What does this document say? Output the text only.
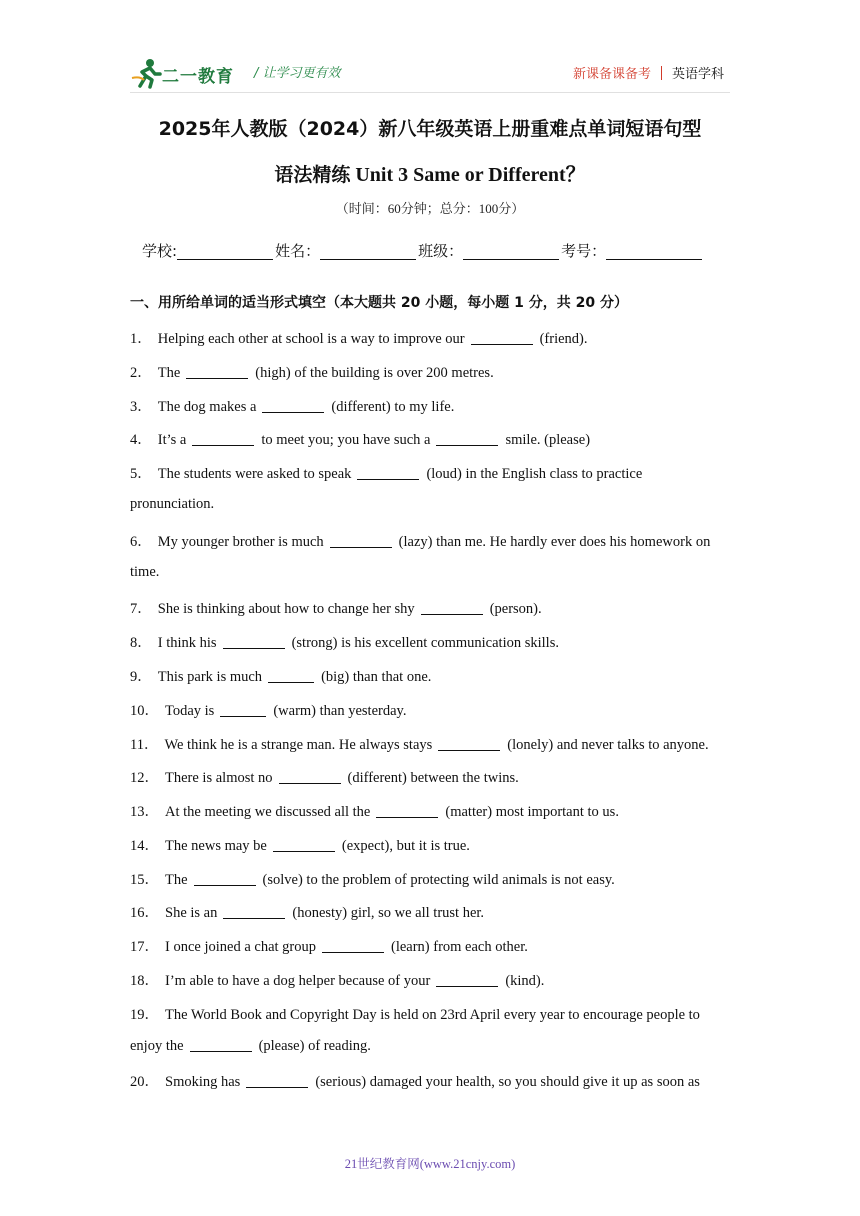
二一教育 / 让学习更有效	新课备课备考 英语学科
2025年人教版（2024）新八年级英语上册重难点单词短语句型
语法精练 Unit 3 Same or Different？
（时间：60分钟；总分：100分）
学校:	姓名：	班级：	考号：
一、用所给单词的适当形式填空（本大题共 20 小题，每小题 1 分，共 20 分）
1． Helping each other at school is a way to improve our	(friend).
2． The	(high) of the building is over 200 metres.
3． The dog makes a	(different) to my life.
4． It’s a	to meet you; you have such a	smile. (please)
5． The students were asked to speak	(loud) in the English class to practice
pronunciation.
6． My younger brother is much	(lazy) than me. He hardly ever does his homework on
time.
7． She is thinking about how to change her shy	(person).
8． I think his	(strong) is his excellent communication skills.
9． This park is much	(big) than that one.
10． Today is	(warm) than yesterday.
11． We think he is a strange man. He always stays	(lonely) and never talks to anyone.
12． There is almost no	(different) between the twins.
13． At the meeting we discussed all the	(matter) most important to us.
14． The news may be	(expect), but it is true.
15． The	(solve) to the problem of protecting wild animals is not easy.
16． She is an	(honesty) girl, so we all trust her.
17． I once joined a chat group	(learn) from each other.
18． I’m able to have a dog helper because of your	(kind).
19． The World Book and Copyright Day is held on 23rd April every year to encourage people to
enjoy the	(please) of reading.
20． Smoking has	(serious) damaged your health, so you should give it up as soon as
21世纪教育网(www.21cnjy.com)
